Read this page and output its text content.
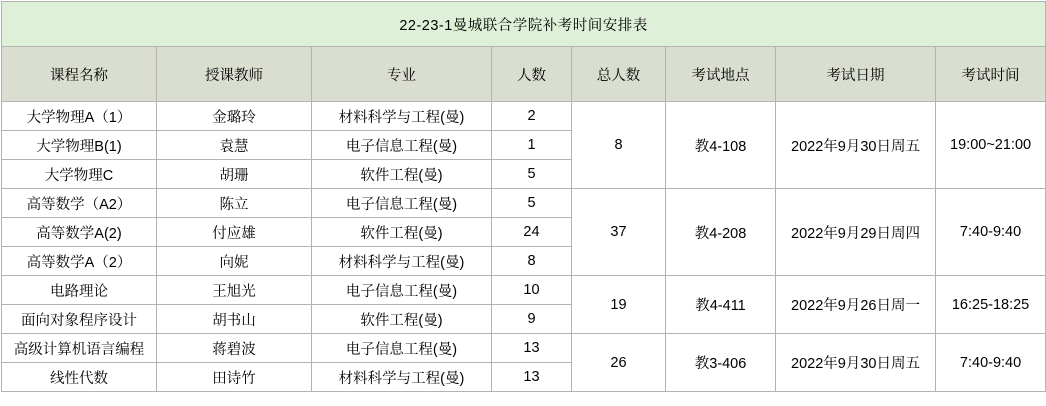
22-23-1曼城联合学院补考时间安排表							
课程名称	授课教师	专业	人数	总人数	考试地点	考试日期	考试时间
大学物理A（1）	金璐玲	材料科学与工程(曼)	2	8	教4-108	2022年9月30日周五	19:00~21:00
大学物理B(1)	袁慧	电子信息工程(曼)	1				
大学物理C	胡珊	软件工程(曼)	5				
高等数学（A2）	陈立	电子信息工程(曼)	5	37	教4-208	2022年9月29日周四	7:40-9:40
高等数学A(2)	付应雄	软件工程(曼)	24				
高等数学A（2）	向妮	材料科学与工程(曼)	8				
电路理论	王旭光	电子信息工程(曼)	10	19	教4-411	2022年9月26日周一	16:25-18:25
面向对象程序设计	胡书山	软件工程(曼)	9				
高级计算机语言编程	蒋碧波	电子信息工程(曼)	13	26	教3-406	2022年9月30日周五	7:40-9:40
线性代数	田诗竹	材料科学与工程(曼)	13				
